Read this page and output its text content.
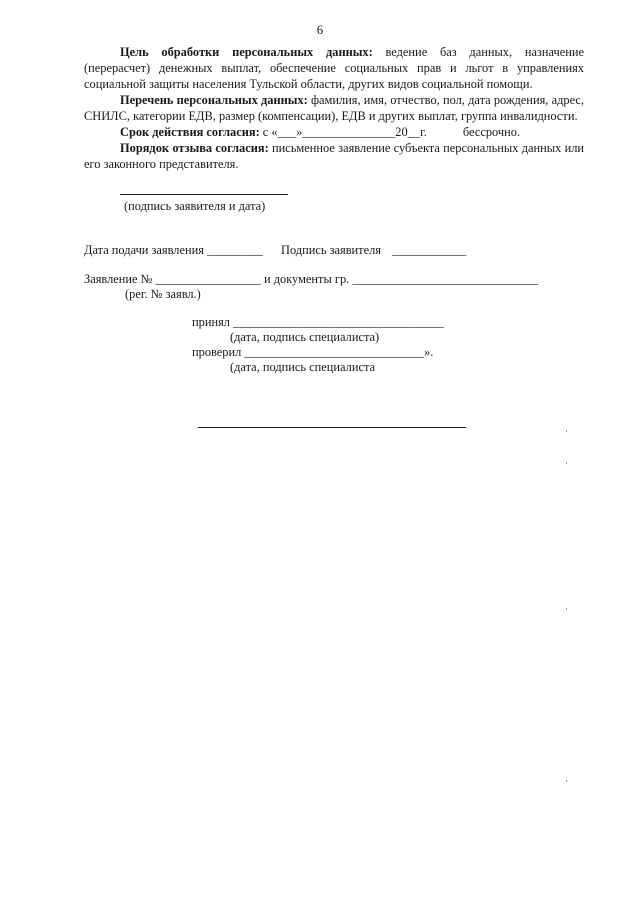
6

Цель обработки персональных данных: ведение баз данных, назначение (перерасчет) денежных выплат, обеспечение социальных прав и льгот в управлениях социальной защиты населения Тульской области, других видов социальной помощи.

Перечень персональных данных: фамилия, имя, отчество, пол, дата рождения, адрес, СНИЛС, категории ЕДВ, размер (компенсации), ЕДВ и других выплат, группа инвалидности.

Срок действия согласия: с «___»_______________20__г.	бессрочно.

Порядок отзыва согласия: письменное заявление субъекта персональных данных или его законного представителя.

(подпись заявителя и дата)
Дата подачи заявления _________ Подпись заявителя ____________
Заявление № _________________ и документы гр. ______________________________
(рег. № заявл.)
принял __________________________________
(дата, подпись специалиста)
проверил _____________________________».
(дата, подпись специалиста
